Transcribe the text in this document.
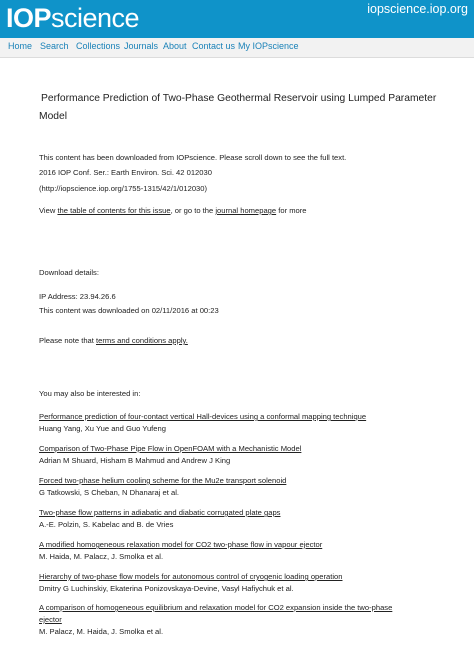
IOPscience	iopscience.iop.org
Home Search Collections Journals About Contact us My IOPscience
Performance Prediction of Two-Phase Geothermal Reservoir using Lumped Parameter
Model
This content has been downloaded from IOPscience. Please scroll down to see the full text.
2016 IOP Conf. Ser.: Earth Environ. Sci. 42 012030
(http://iopscience.iop.org/1755-1315/42/1/012030)
View the table of contents for this issue, or go to the journal homepage for more
Download details:
IP Address: 23.94.26.6
This content was downloaded on 02/11/2016 at 00:23
Please note that terms and conditions apply.
You may also be interested in:
Performance prediction of four-contact vertical Hall-devices using a conformal mapping technique
Huang Yang, Xu Yue and Guo Yufeng
Comparison of Two-Phase Pipe Flow in OpenFOAM with a Mechanistic Model
Adrian M Shuard, Hisham B Mahmud and Andrew J King
Forced two-phase helium cooling scheme for the Mu2e transport solenoid
G Tatkowski, S Cheban, N Dhanaraj et al.
Two-phase flow patterns in adiabatic and diabatic corrugated plate gaps
A.-E. Polzin, S. Kabelac and B. de Vries
A modified homogeneous relaxation model for CO2 two-phase flow in vapour ejector
M. Haida, M. Palacz, J. Smolka et al.
Hierarchy of two-phase flow models for autonomous control of cryogenic loading operation
Dmitry G Luchinskiy, Ekaterina Ponizovskaya-Devine, Vasyl Hafiychuk et al.
A comparison of homogeneous equilibrium and relaxation model for CO2 expansion inside the two-phase
ejector
M. Palacz, M. Haida, J. Smolka et al.
